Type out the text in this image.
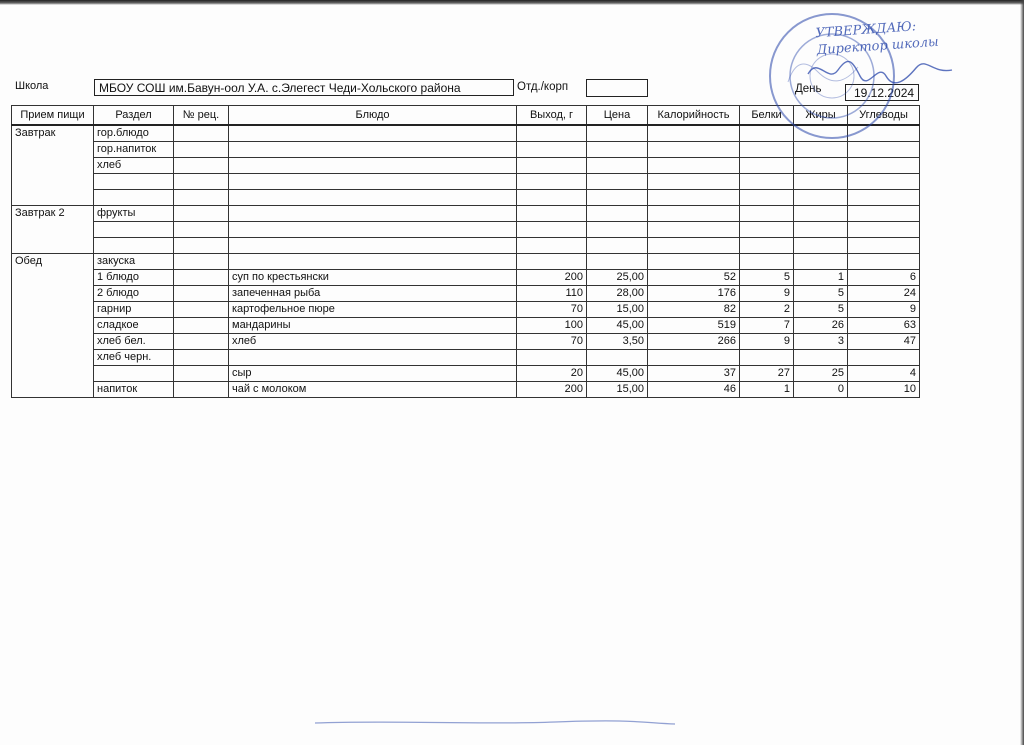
Школа	МБОУ СОШ им.Бавун-оол У.А. с.Элегест Чеди-Хольского района	Отд./корп	День	19.12.2024
Прием пищи	Раздел	№ рец.	Блюдо	Выход, г	Цена	Калорийность	Белки	Жиры	Углеводы
Завтрак	гор.блюдо								
	гор.напиток								
	хлеб								

Завтрак 2	фрукты								

Обед	закуска								
	1 блюдо		суп по крестьянски	200	25,00	52	5	1	6
	2 блюдо		запеченная рыба	110	28,00	176	9	5	24
	гарнир		картофельное пюре	70	15,00	82	2	5	9
	сладкое		мандарины	100	45,00	519	7	26	63
	хлеб бел.		хлеб	70	3,50	266	9	3	47
	хлеб черн.								
			сыр	20	45,00	37	27	25	4
	напиток		чай с молоком	200	15,00	46	1	0	10
УТВЕРЖДАЮ: Директор школы
